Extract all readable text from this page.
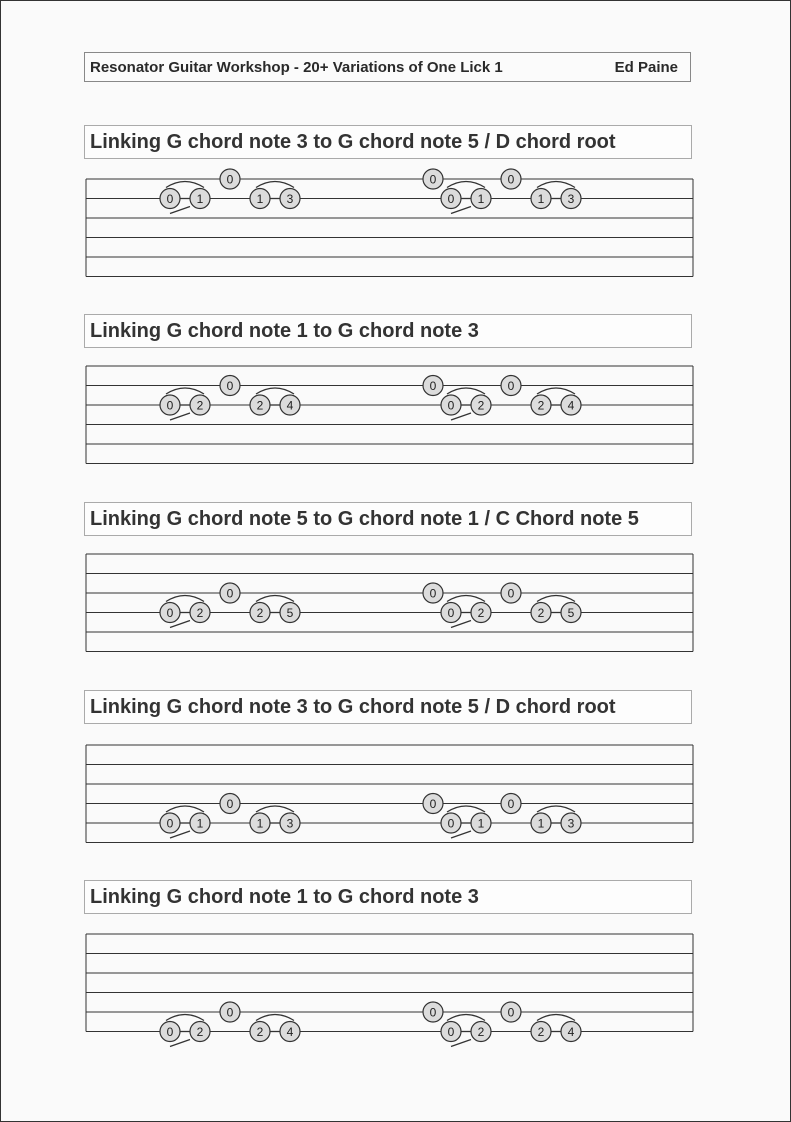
Resonator Guitar Workshop - 20+ Variations of One Lick 1	Ed Paine
Linking G chord note 3 to G chord note 5 / D chord root
Linking G chord note 1 to G chord note 3
Linking G chord note 5 to G chord note 1 / C Chord note 5
Linking G chord note 3 to G chord note 5 / D chord root
Linking G chord note 1 to G chord note 3
0
0 1	1 3
0	0
0 1	1 3
0
0 2	2 4
0	0
0 2	2 4
0
0 2	2 5
0	0
0 2	2 5
0
0 1	1 3
0	0
0 1	1 3
0
0 2	2 4
0	0
0 2	2 4
